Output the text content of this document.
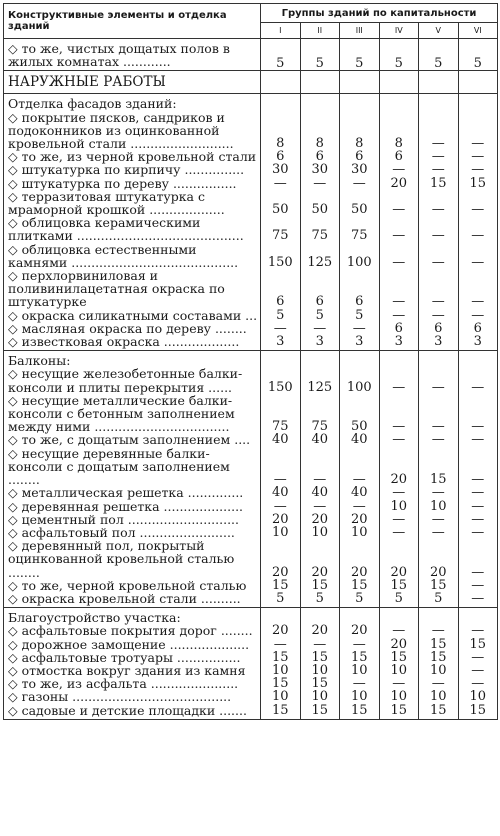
Конструктивные элементы и отделка зданий	Группы зданий по капитальности					
	I	II	III	IV	V	VI
◇ то же, чистых дощатых полов в жилых комнатах ............	5	5	5	5	5	5
НАРУЖНЫЕ РАБОТЫ						
Отделка фасадов зданий:						
◇ покрытие пясков, сандриков и подоконников из оцинкованной кровельной стали ..........................	8	8	8	8	—	—
◇ то же, из черной кровельной стали	6	6	6	6	—	—
◇ штукатурка по кирпичу ...............	30	30	30	—	—	—
◇ штукатурка по дереву ................	—	—	—	20	15	15
◇ терразитовая штукатурка с мраморной крошкой ...................	50	50	50	—	—	—
◇ облицовка керамическими плитками ..........................................	75	75	75	—	—	—
◇ облицовка естественными камнями ..........................................	150	125	100	—	—	—
◇ перхлорвиниловая и поливинилацетатная окраска по штукатурке	6	6	6	—	—	—
◇ окраска силикатными составами ...	5	5	5	—	—	—
◇ масляная окраска по дереву ........	—	—	—	6	6	6
◇ известковая окраска ...................	3	3	3	3	3	3
Балконы:						
◇ несущие железобетонные балки-консоли и плиты перекрытия ......	150	125	100	—	—	—
◇ несущие металлические балки-консоли с бетонным заполнением между ними ..................................	75	75	50	—	—	—
◇ то же, с дощатым заполнением ....	40	40	40	—	—	—
◇ несущие деревянные балки-консоли с дощатым заполнением ........	—	—	—	20	15	—
◇ металлическая решетка ..............	40	40	40	—	—	—
◇ деревянная решетка ....................	—	—	—	10	10	—
◇ цементный пол ............................	20	20	20	—	—	—
◇ асфальтовый пол ........................	10	10	10	—	—	—
◇ деревянный пол, покрытый оцинкованной кровельной сталью ........	20	20	20	20	20	—
◇ то же, черной кровельной сталью	15	15	15	15	15	—
◇ окраска кровельной стали ..........	5	5	5	5	5	—
Благоустройство участка:						
◇ асфальтовые покрытия дорог ........	20	20	20	—	—	—
◇ дорожное замощение ....................	—	—	—	20	15	15
◇ асфальтовые тротуары ................	15	15	15	15	15	—
◇ отмостка вокруг здания из камня	10	10	10	10	10	—
◇ то же, из асфальта ......................	15	15	—	—	—	—
◇ газоны ........................................	10	10	10	10	10	10
◇ садовые и детские площадки .......	15	15	15	15	15	15
